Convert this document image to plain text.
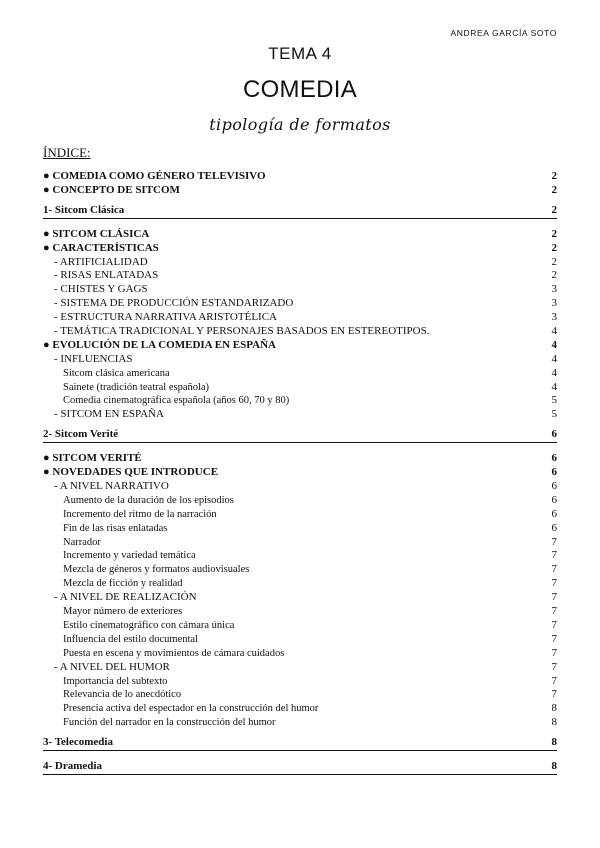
ANDREA GARCÍA SOTO
TEMA 4
COMEDIA
tipología de formatos
ÍNDICE:
● COMEDIA COMO GÉNERO TELEVISIVO	2
● CONCEPTO DE SITCOM	2
1- Sitcom Clásica	2
● SITCOM CLÁSICA	2
● CARACTERÍSTICAS	2
- ARTIFICIALIDAD	2
- RISAS ENLATADAS	2
- CHISTES Y GAGS	3
- SISTEMA DE PRODUCCIÓN ESTANDARIZADO	3
- ESTRUCTURA NARRATIVA ARISTOTÉLICA	3
- TEMÁTICA TRADICIONAL Y PERSONAJES BASADOS EN ESTEREOTIPOS.	4
● EVOLUCIÓN DE LA COMEDIA EN ESPAÑA	4
- INFLUENCIAS	4
Sitcom clásica americana	4
Sainete (tradición teatral española)	4
Comedia cinematográfica española (años 60, 70 y 80)	5
- SITCOM EN ESPAÑA	5
2- Sitcom Verité	6
● SITCOM VERITÉ	6
● NOVEDADES QUE INTRODUCE	6
- A NIVEL NARRATIVO	6
Aumento de la duración de los episodios	6
Incremento del ritmo de la narración	6
Fin de las risas enlatadas	6
Narrador	7
Incremento y variedad temática	7
Mezcla de géneros y formatos audiovisuales	7
Mezcla de ficción y realidad	7
- A NIVEL DE REALIZACIÓN	7
Mayor número de exteriores	7
Estilo cinematográfico con cámara única	7
Influencia del estilo documental	7
Puesta en escena y movimientos de cámara cuidados	7
- A NIVEL DEL HUMOR	7
Importancia del subtexto	7
Relevancia de lo anecdótico	7
Presencia activa del espectador en la construcción del humor	8
Función del narrador en la construcción del humor	8
3- Telecomedia	8
4- Dramedia	8
